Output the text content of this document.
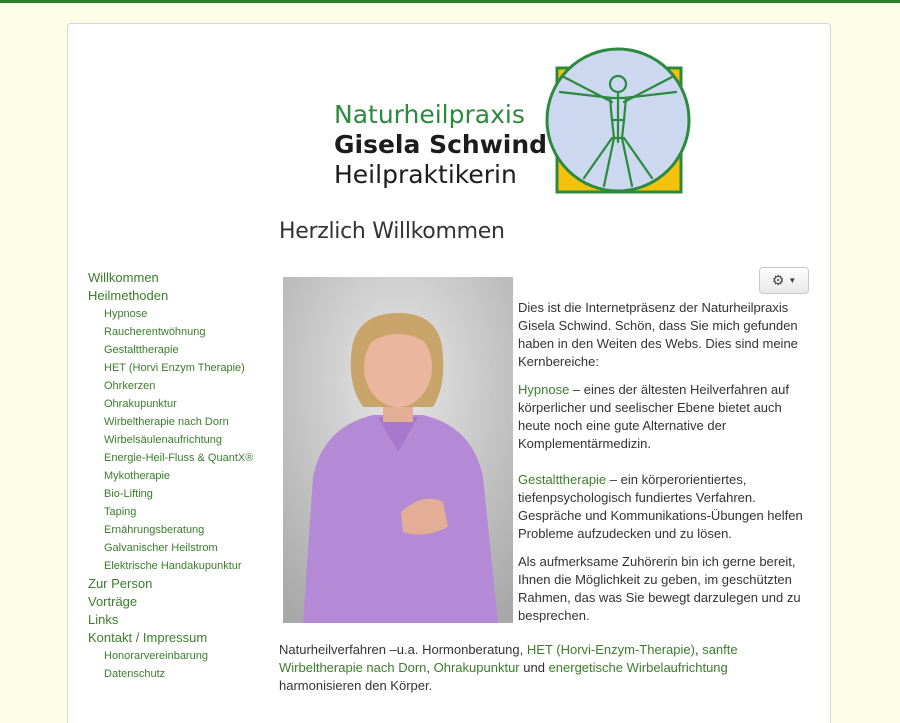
Naturheilpraxis
Gisela Schwind
Heilpraktikerin
Herzlich Willkommen
Willkommen
Heilmethoden
Hypnose
Raucherentwöhnung
Gestalttherapie
HET (Horvi Enzym Therapie)
Ohrkerzen
Ohrakupunktur
Wirbeltherapie nach Dorn
Wirbelsäulenaufrichtung
Energie-Heil-Fluss & QuantX®
Mykotherapie
Bio-Lifting
Taping
Ernährungsberatung
Galvanischer Heilstrom
Elektrische Handakupunktur
Zur Person
Vorträge
Links
Kontakt / Impressum
Honorarvereinbarung
Datenschutz
⚙ ▼

Dies ist die Internetpräsenz der Naturheilpraxis Gisela Schwind. Schön, dass Sie mich gefunden haben in den Weiten des Webs. Dies sind meine Kernbereiche:

Hypnose – eines der ältesten Heilverfahren auf körperlicher und seelischer Ebene bietet auch heute noch eine gute Alternative der Komplementärmedizin.

Gestalttherapie – ein körperorientiertes, tiefenpsychologisch fundiertes Verfahren. Gespräche und Kommunikations-Übungen helfen Probleme aufzudecken und zu lösen.

Als aufmerksame Zuhörerin bin ich gerne bereit, Ihnen die Möglichkeit zu geben, im geschützten Rahmen, das was Sie bewegt darzulegen und zu besprechen.

Naturheilverfahren –u.a. Hormonberatung, HET (Horvi-Enzym-Therapie), sanfte Wirbeltherapie nach Dorn, Ohrakupunktur und energetische Wirbelaufrichtung harmonisieren den Körper.
